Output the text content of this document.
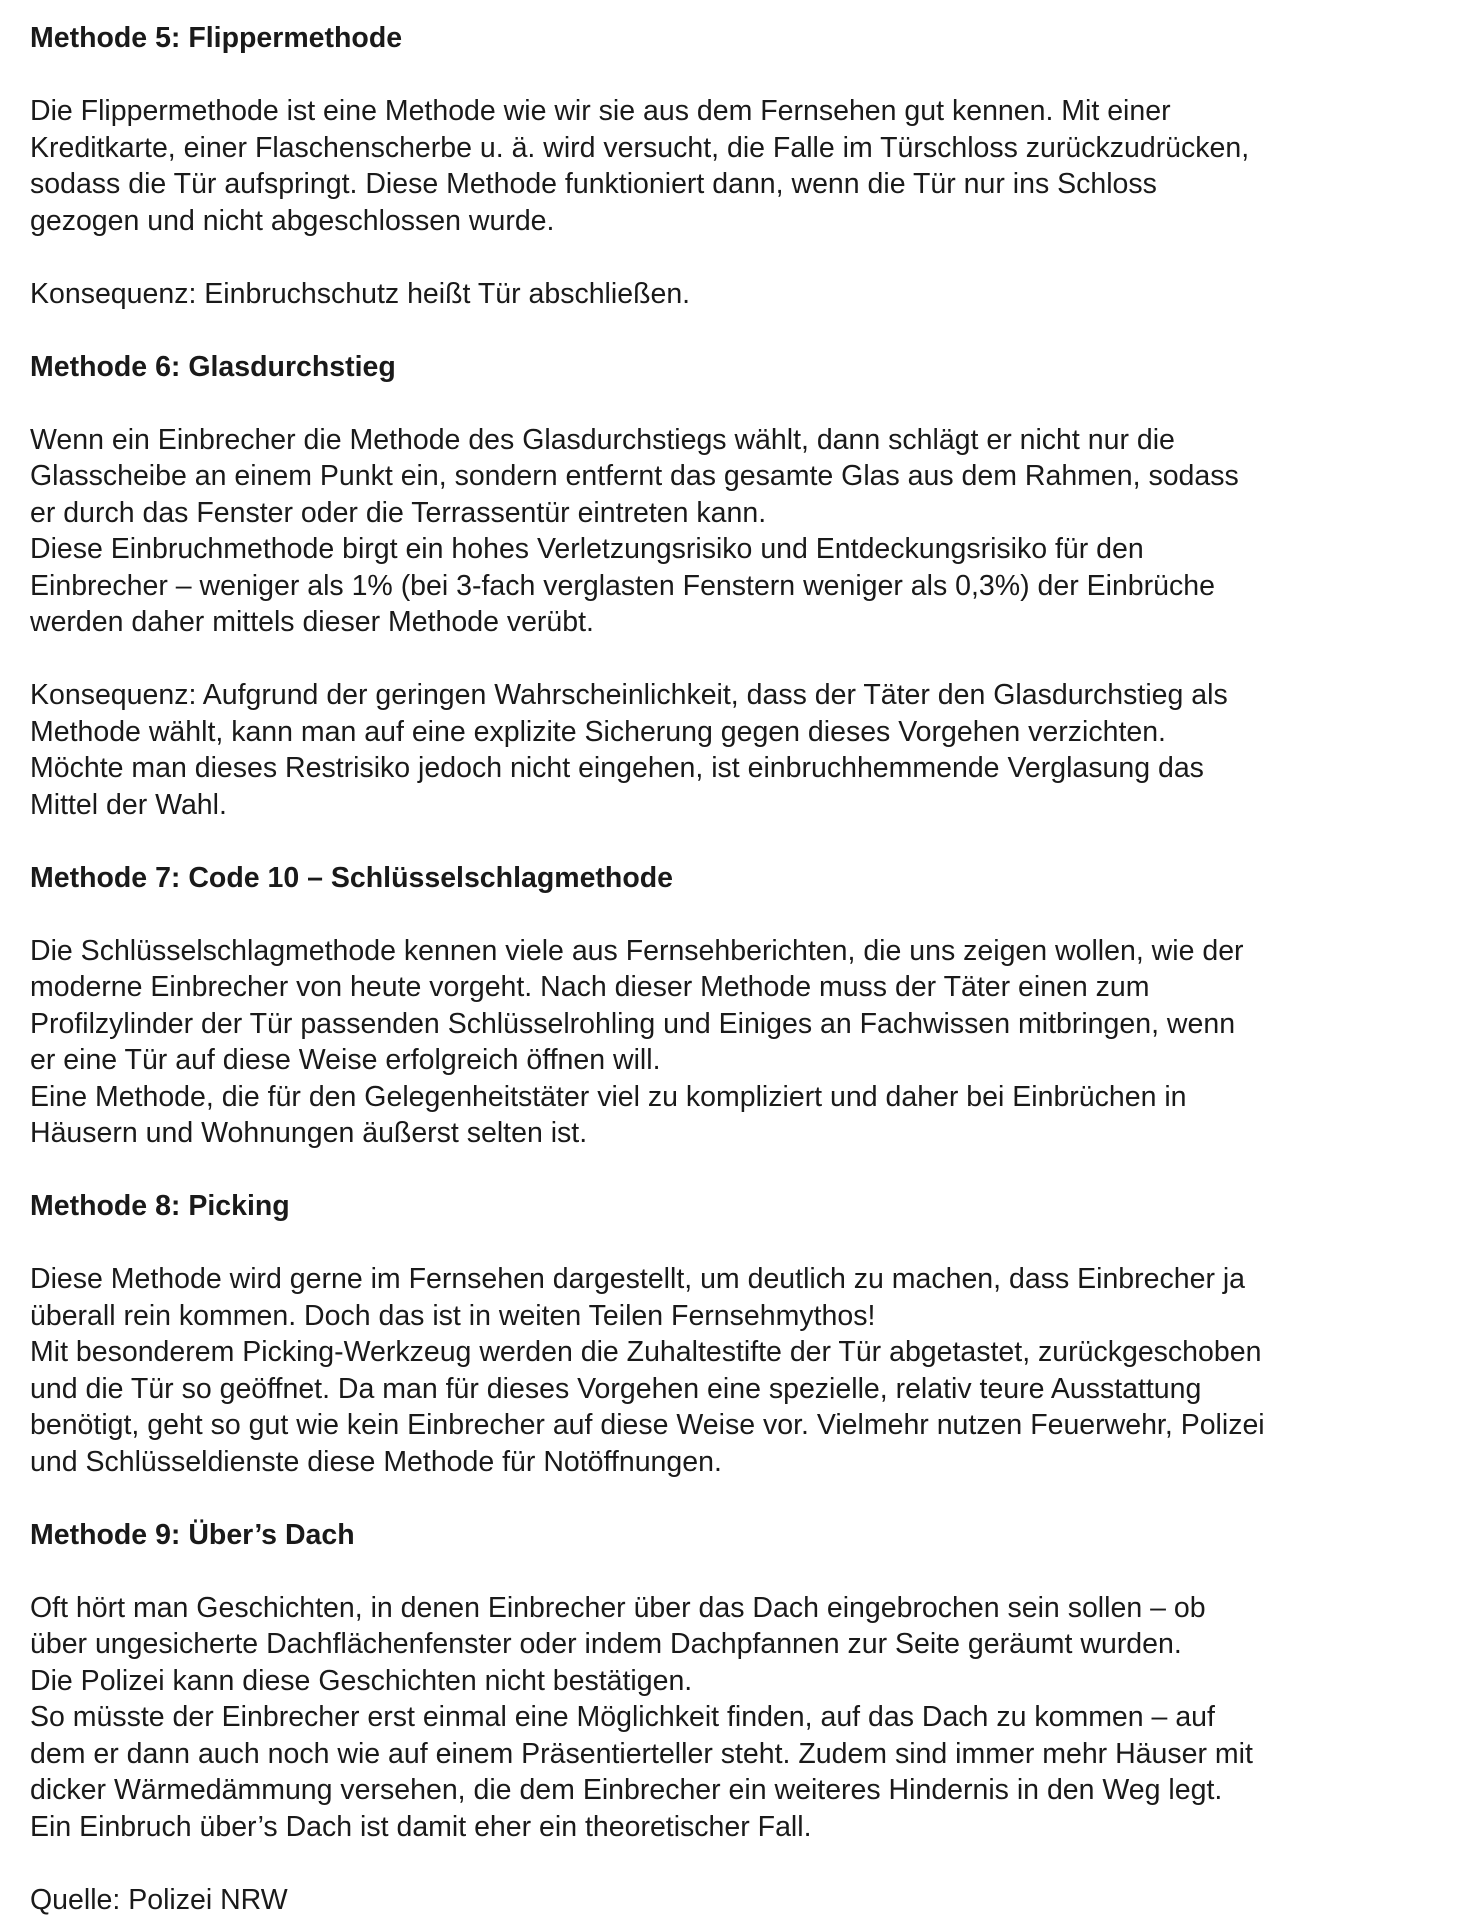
Methode 5: Flippermethode
Die Flippermethode ist eine Methode wie wir sie aus dem Fernsehen gut kennen. Mit einer
Kreditkarte, einer Flaschenscherbe u. ä. wird versucht, die Falle im Türschloss zurückzudrücken,
sodass die Tür aufspringt. Diese Methode funktioniert dann, wenn die Tür nur ins Schloss
gezogen und nicht abgeschlossen wurde.
Konsequenz: Einbruchschutz heißt Tür abschließen.
Methode 6: Glasdurchstieg
Wenn ein Einbrecher die Methode des Glasdurchstiegs wählt, dann schlägt er nicht nur die
Glasscheibe an einem Punkt ein, sondern entfernt das gesamte Glas aus dem Rahmen, sodass
er durch das Fenster oder die Terrassentür eintreten kann.
Diese Einbruchmethode birgt ein hohes Verletzungsrisiko und Entdeckungsrisiko für den
Einbrecher – weniger als 1% (bei 3-fach verglasten Fenstern weniger als 0,3%) der Einbrüche
werden daher mittels dieser Methode verübt.
Konsequenz: Aufgrund der geringen Wahrscheinlichkeit, dass der Täter den Glasdurchstieg als
Methode wählt, kann man auf eine explizite Sicherung gegen dieses Vorgehen verzichten.
Möchte man dieses Restrisiko jedoch nicht eingehen, ist einbruchhemmende Verglasung das
Mittel der Wahl.
Methode 7: Code 10 – Schlüsselschlagmethode
Die Schlüsselschlagmethode kennen viele aus Fernsehberichten, die uns zeigen wollen, wie der
moderne Einbrecher von heute vorgeht. Nach dieser Methode muss der Täter einen zum
Profilzylinder der Tür passenden Schlüsselrohling und Einiges an Fachwissen mitbringen, wenn
er eine Tür auf diese Weise erfolgreich öffnen will.
Eine Methode, die für den Gelegenheitstäter viel zu kompliziert und daher bei Einbrüchen in
Häusern und Wohnungen äußerst selten ist.
Methode 8: Picking
Diese Methode wird gerne im Fernsehen dargestellt, um deutlich zu machen, dass Einbrecher ja
überall rein kommen. Doch das ist in weiten Teilen Fernsehmythos!
Mit besonderem Picking-Werkzeug werden die Zuhaltestifte der Tür abgetastet, zurückgeschoben
und die Tür so geöffnet. Da man für dieses Vorgehen eine spezielle, relativ teure Ausstattung
benötigt, geht so gut wie kein Einbrecher auf diese Weise vor. Vielmehr nutzen Feuerwehr, Polizei
und Schlüsseldienste diese Methode für Notöffnungen.
Methode 9: Über’s Dach
Oft hört man Geschichten, in denen Einbrecher über das Dach eingebrochen sein sollen – ob
über ungesicherte Dachflächenfenster oder indem Dachpfannen zur Seite geräumt wurden.
Die Polizei kann diese Geschichten nicht bestätigen.
So müsste der Einbrecher erst einmal eine Möglichkeit finden, auf das Dach zu kommen – auf
dem er dann auch noch wie auf einem Präsentierteller steht. Zudem sind immer mehr Häuser mit
dicker Wärmedämmung versehen, die dem Einbrecher ein weiteres Hindernis in den Weg legt.
Ein Einbruch über’s Dach ist damit eher ein theoretischer Fall.

Quelle: Polizei NRW
